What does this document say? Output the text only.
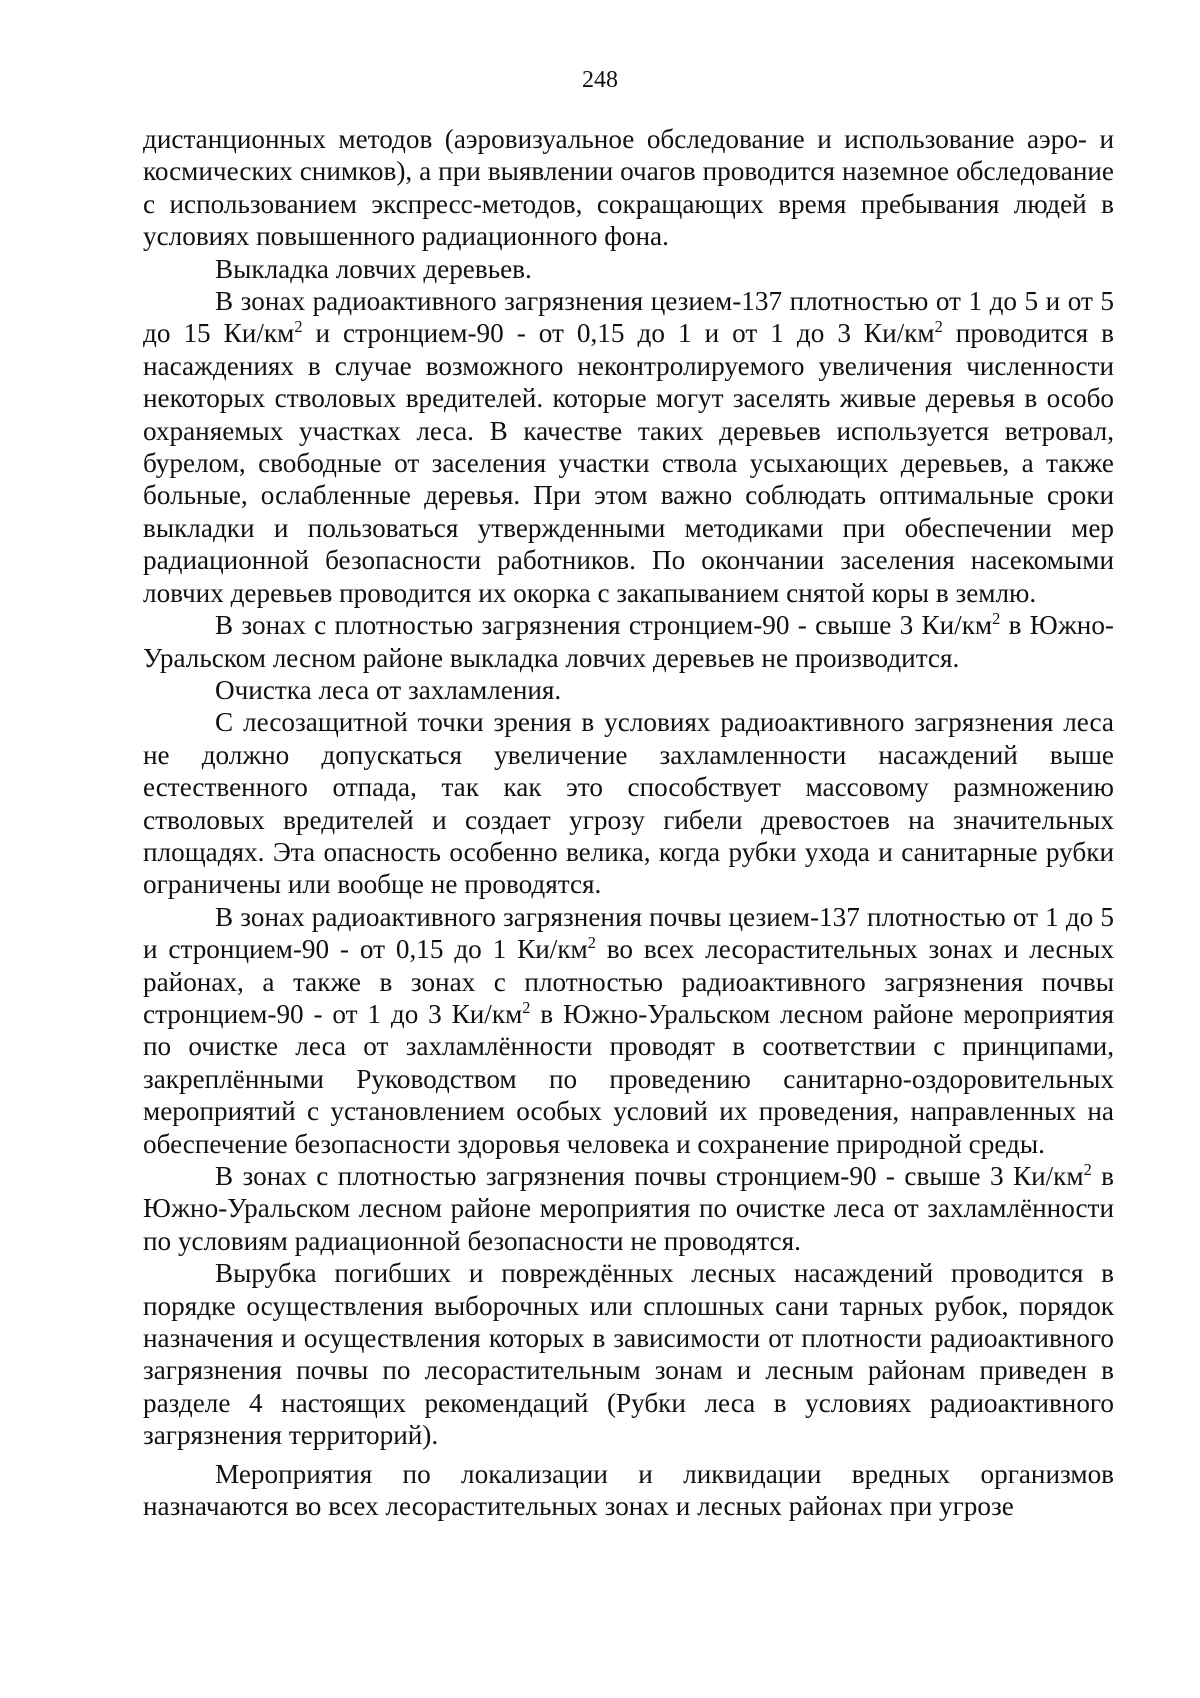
248

дистанционных методов (аэровизуальное обследование и использование аэро- и космических снимков), а при выявлении очагов проводится наземное обследование с использованием экспресс-методов, сокращающих время пребывания людей в условиях повышенного радиационного фона.

Выкладка ловчих деревьев.

В зонах радиоактивного загрязнения цезием-137 плотностью от 1 до 5 и от 5 до 15 $Ки/км^2$ и стронцием-90 - от 0,15 до 1 и от 1 до 3 $Ки/км^2$ проводится в насаждениях в случае возможного неконтролируемого увеличения численности некоторых стволовых вредителей. которые могут заселять живые деревья в особо охраняемых участках леса. В качестве таких деревьев используется ветровал, бурелом, свободные от заселения участки ствола усыхающих деревьев, а также больные, ослабленные деревья. При этом важно соблюдать оптимальные сроки выкладки и пользоваться утвержденными методиками при обеспечении мер радиационной безопасности работников. По окончании заселения насекомыми ловчих деревьев проводится их окорка с закапыванием снятой коры в землю.

В зонах с плотностью загрязнения стронцием-90 - свыше 3 $Ки/км^2$ в Южно-Уральском лесном районе выкладка ловчих деревьев не производится.

Очистка леса от захламления.

С лесозащитной точки зрения в условиях радиоактивного загрязнения леса не должно допускаться увеличение захламленности насаждений выше естественного отпада, так как это способствует массовому размножению стволовых вредителей и создает угрозу гибели древостоев на значительных площадях. Эта опасность особенно велика, когда рубки ухода и санитарные рубки ограничены или вообще не проводятся.

В зонах радиоактивного загрязнения почвы цезием-137 плотностью от 1 до 5 и стронцием-90 - от 0,15 до 1 $Ки/км^2$ во всех лесорастительных зонах и лесных районах, а также в зонах с плотностью радиоактивного загрязнения почвы стронцием-90 - от 1 до 3 $Ки/км^2$ в Южно-Уральском лесном районе мероприятия по очистке леса от захламлённости проводят в соответствии с принципами, закреплёнными Руководством по проведению санитарно-оздоровительных мероприятий с установлением особых условий их проведения, направленных на обеспечение безопасности здоровья человека и сохранение природной среды.

В зонах с плотностью загрязнения почвы стронцием-90 - свыше 3 $Ки/км^2$ в Южно-Уральском лесном районе мероприятия по очистке леса от захламлённости по условиям радиационной безопасности не проводятся.

Вырубка погибших и повреждённых лесных насаждений проводится в порядке осуществления выборочных или сплошных сани тарных рубок, порядок назначения и осуществления которых в зависимости от плотности радиоактивного загрязнения почвы по лесорастительным зонам и лесным районам приведен в разделе 4 настоящих рекомендаций (Рубки леса в условиях радиоактивного загрязнения территорий).

Мероприятия по локализации и ликвидации вредных организмов назначаются во всех лесорастительных зонах и лесных районах при угрозе
